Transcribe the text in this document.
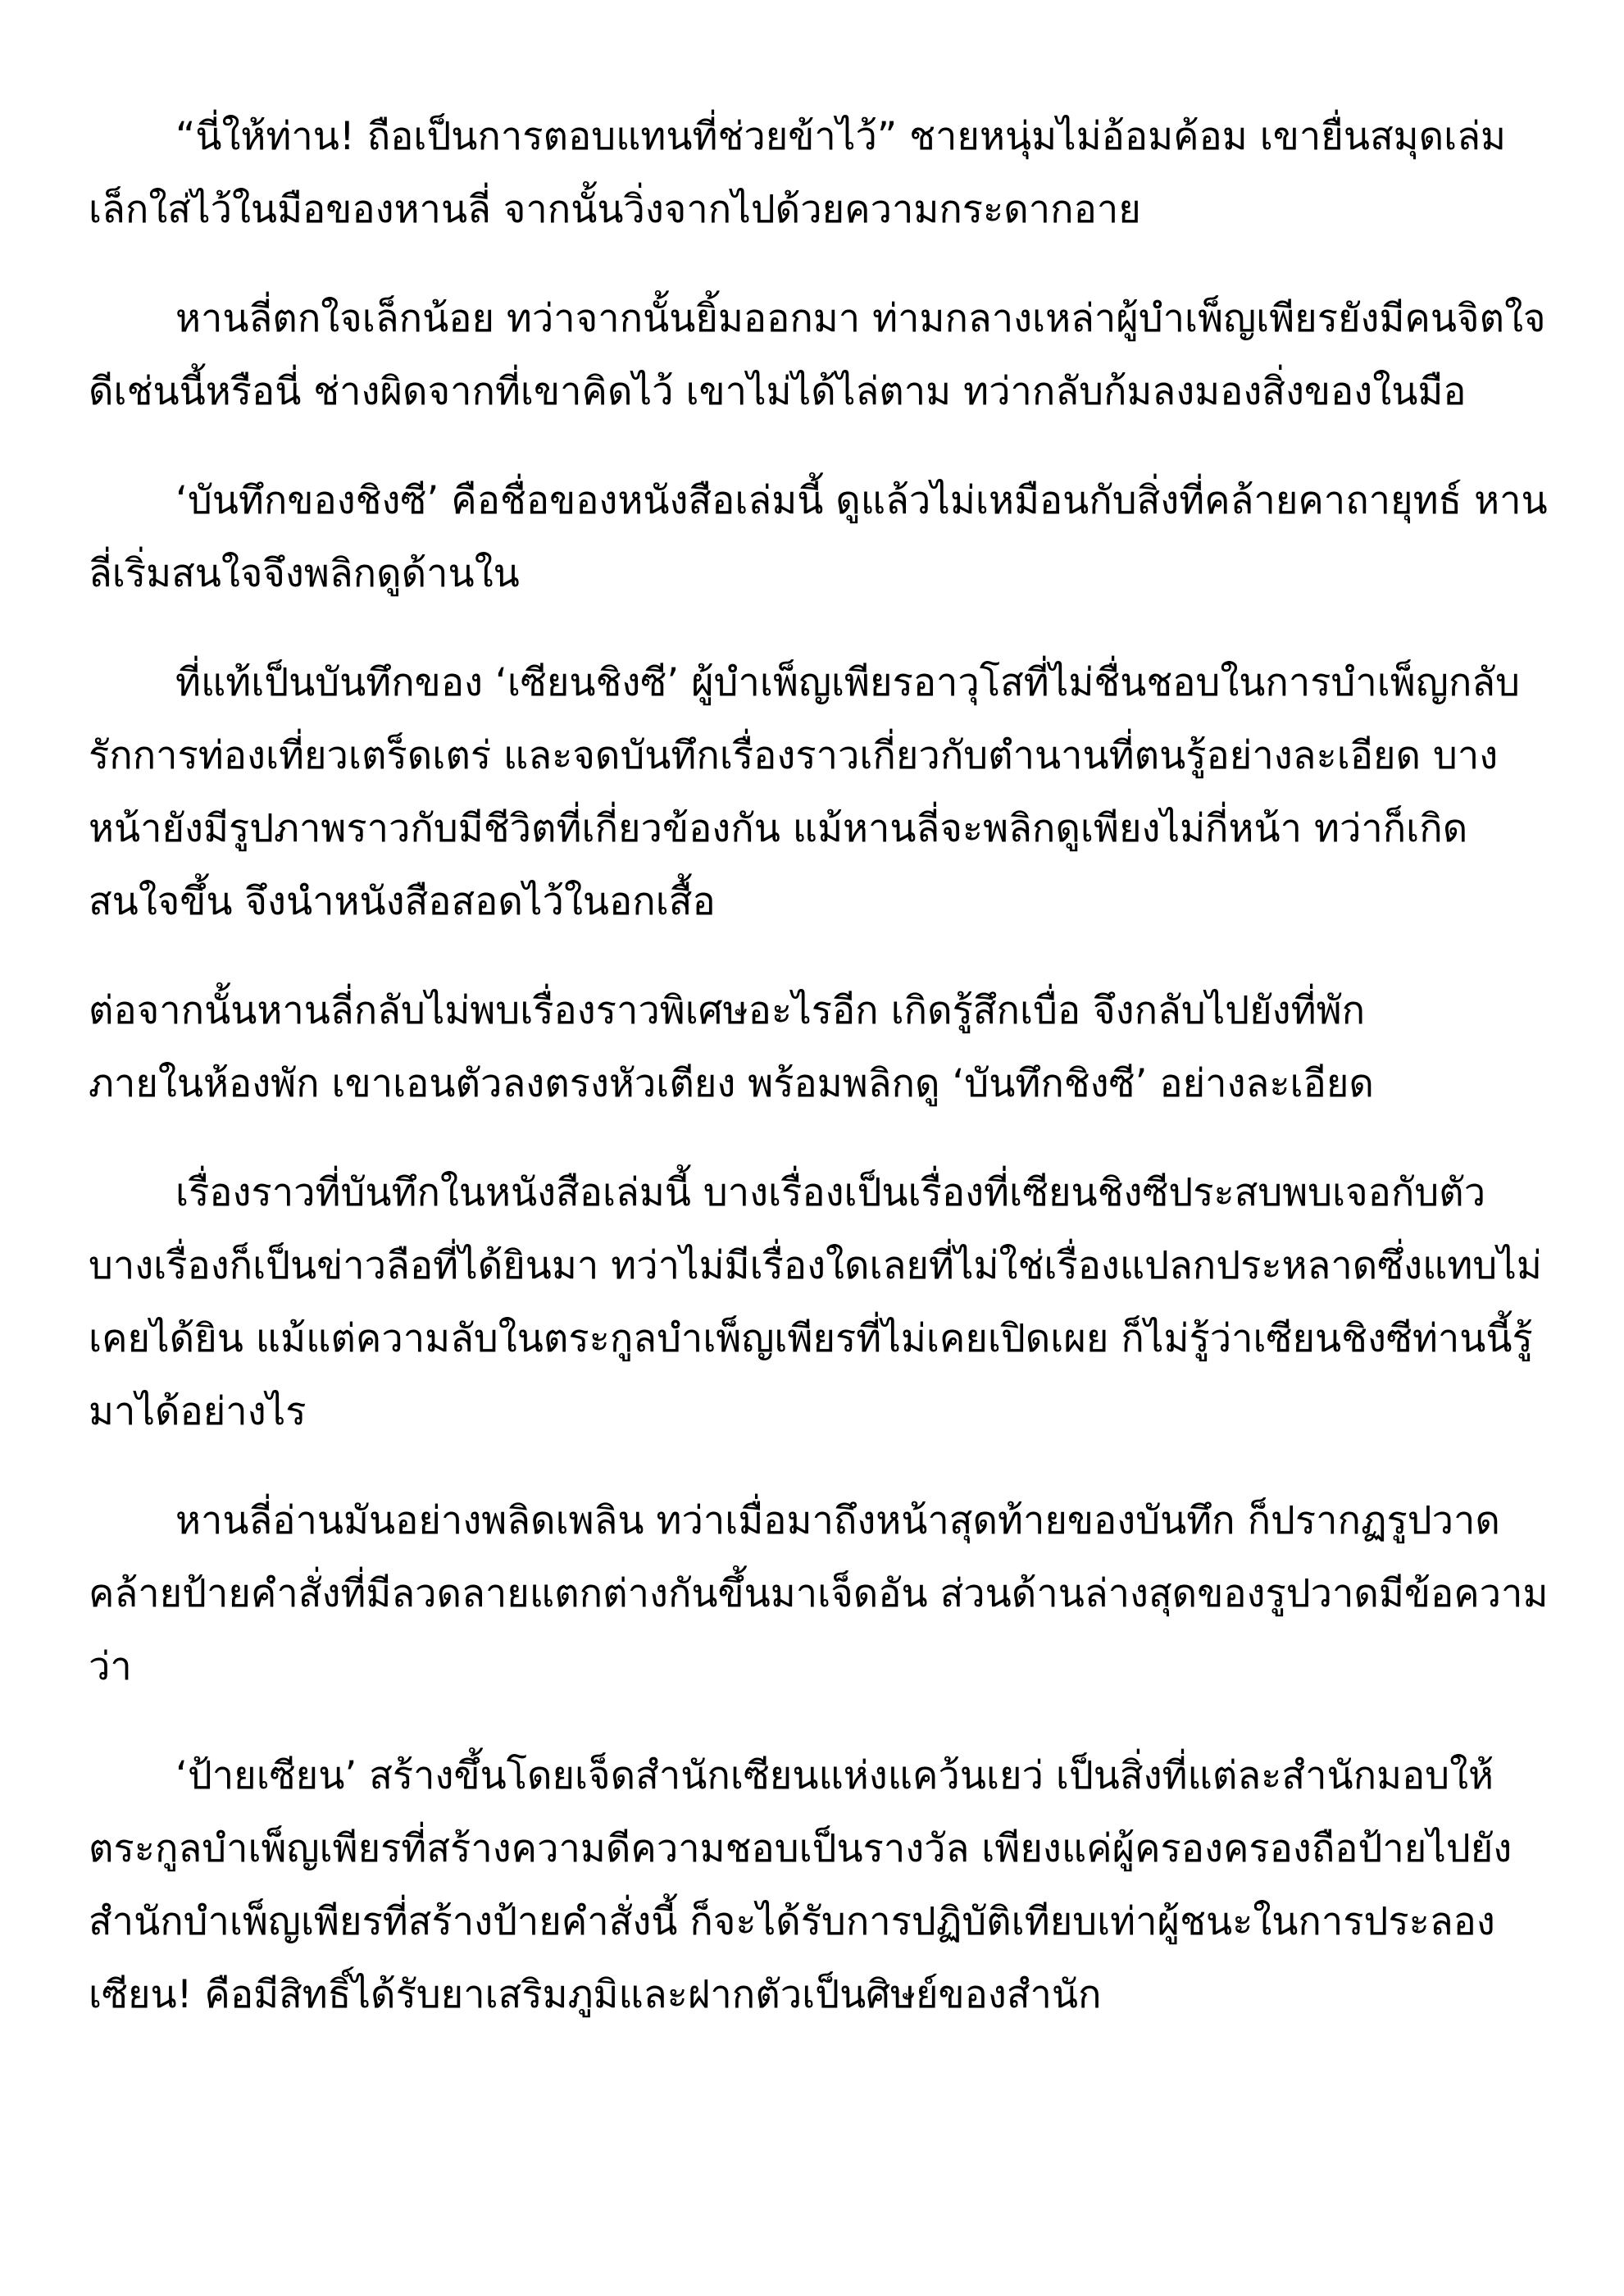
“นี่ให้ท่าน! ถือเป็นการตอบแทนที่ช่วยข้าไว้” ชายหนุ่มไม่อ้อมค้อม เขายื่นสมุดเล่มเล็กใส่ไว้ในมือของหานลี่ จากนั้นวิ่งจากไปด้วยความกระดากอาย

หานลี่ตกใจเล็กน้อย ทว่าจากนั้นยิ้มออกมา ท่ามกลางเหล่าผู้บำเพ็ญเพียรยังมีคนจิตใจดีเช่นนี้หรือนี่ ช่างผิดจากที่เขาคิดไว้ เขาไม่ได้ไล่ตาม ทว่ากลับก้มลงมองสิ่งของในมือ

‘บันทึกของชิงซี’ คือชื่อของหนังสือเล่มนี้ ดูแล้วไม่เหมือนกับสิ่งที่คล้ายคาถายุทธ์ หานลี่เริ่มสนใจจึงพลิกดูด้านใน

ที่แท้เป็นบันทึกของ ‘เซียนชิงซี’ ผู้บำเพ็ญเพียรอาวุโสที่ไม่ชื่นชอบในการบำเพ็ญกลับรักการท่องเที่ยวเตร็ดเตร่ และจดบันทึกเรื่องราวเกี่ยวกับตำนานที่ตนรู้อย่างละเอียด บางหน้ายังมีรูปภาพราวกับมีชีวิตที่เกี่ยวข้องกัน แม้หานลี่จะพลิกดูเพียงไม่กี่หน้า ทว่าก็เกิดสนใจขึ้น จึงนำหนังสือสอดไว้ในอกเสื้อ

ต่อจากนั้นหานลี่กลับไม่พบเรื่องราวพิเศษอะไรอีก เกิดรู้สึกเบื่อ จึงกลับไปยังที่พัก

ภายในห้องพัก เขาเอนตัวลงตรงหัวเตียง พร้อมพลิกดู ‘บันทึกชิงซี’ อย่างละเอียด

เรื่องราวที่บันทึกในหนังสือเล่มนี้ บางเรื่องเป็นเรื่องที่เซียนชิงซีประสบพบเจอกับตัว บางเรื่องก็เป็นข่าวลือที่ได้ยินมา ทว่าไม่มีเรื่องใดเลยที่ไม่ใช่เรื่องแปลกประหลาดซึ่งแทบไม่เคยได้ยิน แม้แต่ความลับในตระกูลบำเพ็ญเพียรที่ไม่เคยเปิดเผย ก็ไม่รู้ว่าเซียนชิงซีท่านนี้รู้มาได้อย่างไร

หานลี่อ่านมันอย่างพลิดเพลิน ทว่าเมื่อมาถึงหน้าสุดท้ายของบันทึก ก็ปรากฏรูปวาดคล้ายป้ายคำสั่งที่มีลวดลายแตกต่างกันขึ้นมาเจ็ดอัน ส่วนด้านล่างสุดของรูปวาดมีข้อความว่า

‘ป้ายเซียน’ สร้างขึ้นโดยเจ็ดสำนักเซียนแห่งแคว้นเยว่ เป็นสิ่งที่แต่ละสำนักมอบให้ตระกูลบำเพ็ญเพียรที่สร้างความดีความชอบเป็นรางวัล เพียงแค่ผู้ครองครองถือป้ายไปยังสำนักบำเพ็ญเพียรที่สร้างป้ายคำสั่งนี้ ก็จะได้รับการปฏิบัติเทียบเท่าผู้ชนะในการประลองเซียน! คือมีสิทธิ์ได้รับยาเสริมภูมิและฝากตัวเป็นศิษย์ของสำนัก
